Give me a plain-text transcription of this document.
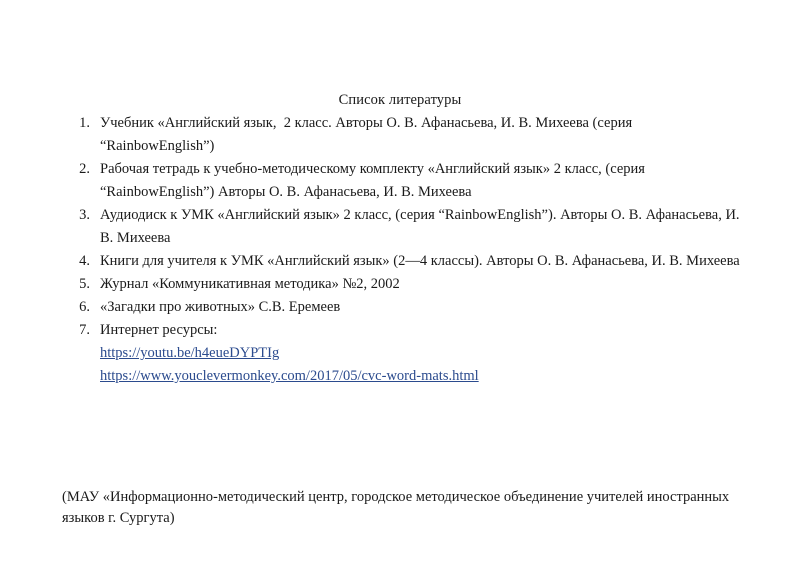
Список литературы
1. Учебник «Английский язык,  2 класс. Авторы О. В. Афанасьева, И. В. Михеева (серия “RainbowEnglish”)
2. Рабочая тетрадь к учебно-методическому комплекту «Английский язык» 2 класс, (серия “RainbowEnglish”) Авторы О. В. Афанасьева, И. В. Михеева
3. Аудиодиск к УМК «Английский язык» 2 класс, (серия “RainbowEnglish”). Авторы О. В. Афанасьева, И. В. Михеева
4. Книги для учителя к УМК «Английский язык» (2—4 классы). Авторы О. В. Афанасьева, И. В. Михеева
5. Журнал «Коммуникативная методика» №2, 2002
6. «Загадки про животных» С.В. Еремеев
7. Интернет ресурсы:
https://youtu.be/h4eueDYPTIg
https://www.youclevermonkey.com/2017/05/cvc-word-mats.html
(МАУ «Информационно-методический центр, городское методическое объединение учителей иностранных
языков г. Сургута)
